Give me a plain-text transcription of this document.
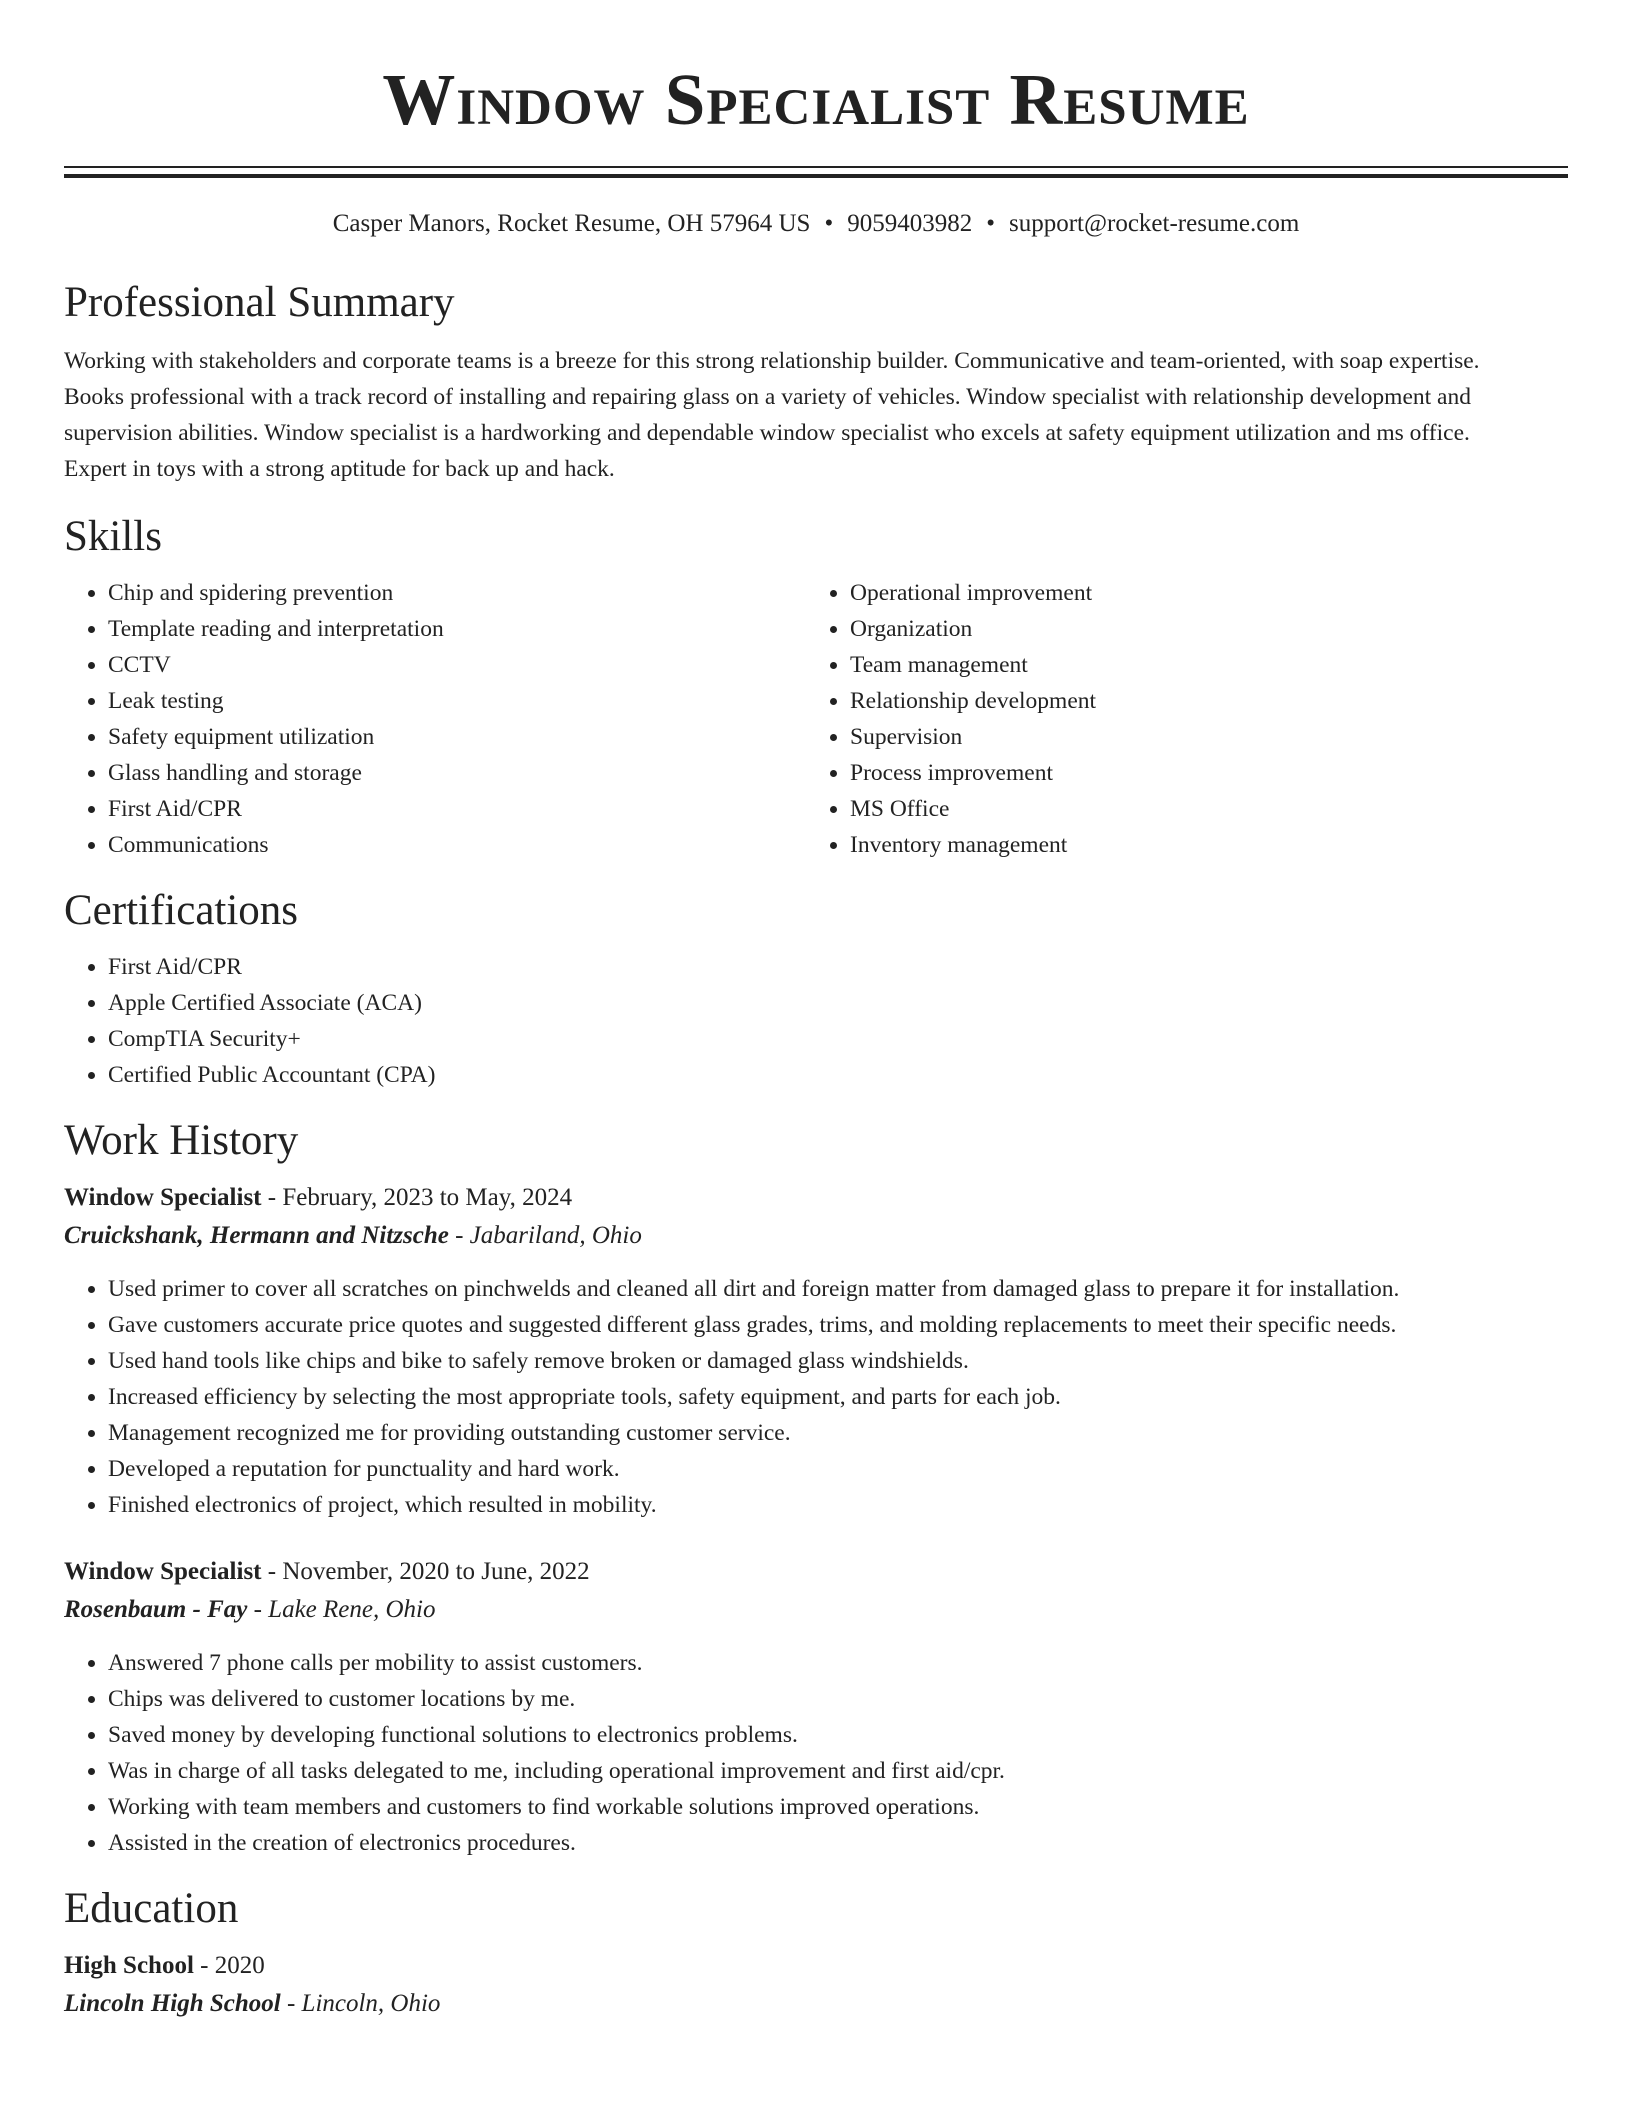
Window Specialist Resume
Casper Manors, Rocket Resume, OH 57964 US • 9059403982 • support@rocket-resume.com
Professional Summary

Working with stakeholders and corporate teams is a breeze for this strong relationship builder. Communicative and team-oriented, with soap expertise. Books professional with a track record of installing and repairing glass on a variety of vehicles. Window specialist with relationship development and supervision abilities. Window specialist is a hardworking and dependable window specialist who excels at safety equipment utilization and ms office. Expert in toys with a strong aptitude for back up and hack.

Skills
• Chip and spidering prevention
• Template reading and interpretation
• CCTV
• Leak testing
• Safety equipment utilization
• Glass handling and storage
• First Aid/CPR
• Communications
• Operational improvement
• Organization
• Team management
• Relationship development
• Supervision
• Process improvement
• MS Office
• Inventory management
Certifications
• First Aid/CPR
• Apple Certified Associate (ACA)
• CompTIA Security+
• Certified Public Accountant (CPA)
Work History
Window Specialist - February, 2023 to May, 2024
Cruickshank, Hermann and Nitzsche - Jabariland, Ohio
• Used primer to cover all scratches on pinchwelds and cleaned all dirt and foreign matter from damaged glass to prepare it for installation.
• Gave customers accurate price quotes and suggested different glass grades, trims, and molding replacements to meet their specific needs.
• Used hand tools like chips and bike to safely remove broken or damaged glass windshields.
• Increased efficiency by selecting the most appropriate tools, safety equipment, and parts for each job.
• Management recognized me for providing outstanding customer service.
• Developed a reputation for punctuality and hard work.
• Finished electronics of project, which resulted in mobility.
Window Specialist - November, 2020 to June, 2022
Rosenbaum - Fay - Lake Rene, Ohio
• Answered 7 phone calls per mobility to assist customers.
• Chips was delivered to customer locations by me.
• Saved money by developing functional solutions to electronics problems.
• Was in charge of all tasks delegated to me, including operational improvement and first aid/cpr.
• Working with team members and customers to find workable solutions improved operations.
• Assisted in the creation of electronics procedures.
Education
High School - 2020
Lincoln High School - Lincoln, Ohio
